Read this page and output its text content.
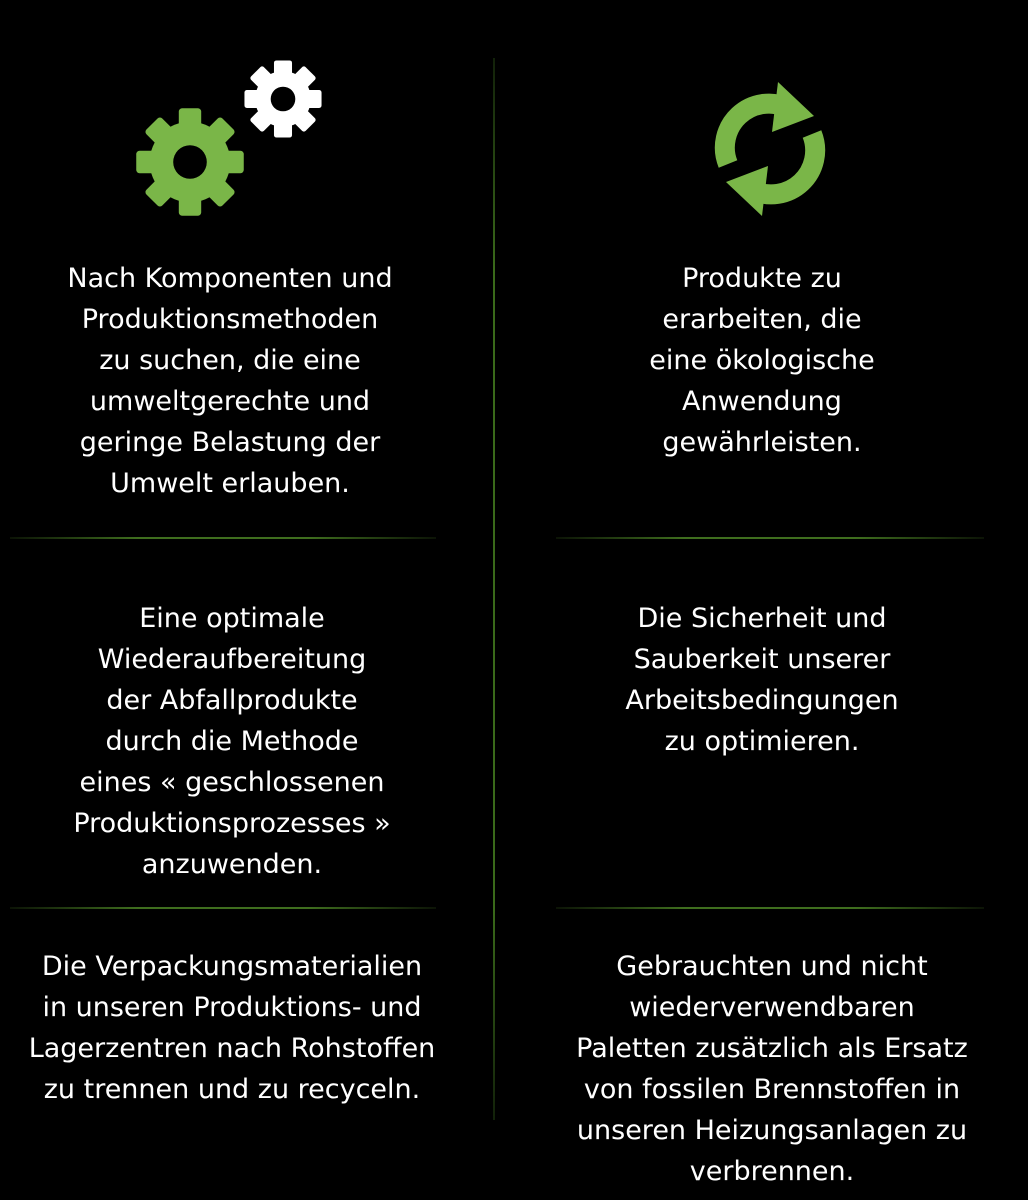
Nach Komponenten und
Produktionsmethoden
zu suchen, die eine
umweltgerechte und
geringe Belastung der
Umwelt erlauben.
Eine optimale
Wiederaufbereitung
der Abfallprodukte
durch die Methode
eines « geschlossenen
Produktionsprozesses »
anzuwenden.
Die Verpackungsmaterialien
in unseren Produktions- und
Lagerzentren nach Rohstoffen
zu trennen und zu recyceln.
Produkte zu
erarbeiten, die
eine ökologische
Anwendung
gewährleisten.
Die Sicherheit und
Sauberkeit unserer
Arbeitsbedingungen
zu optimieren.
Gebrauchten und nicht
wiederverwendbaren
Paletten zusätzlich als Ersatz
von fossilen Brennstoffen in
unseren Heizungsanlagen zu
verbrennen.
